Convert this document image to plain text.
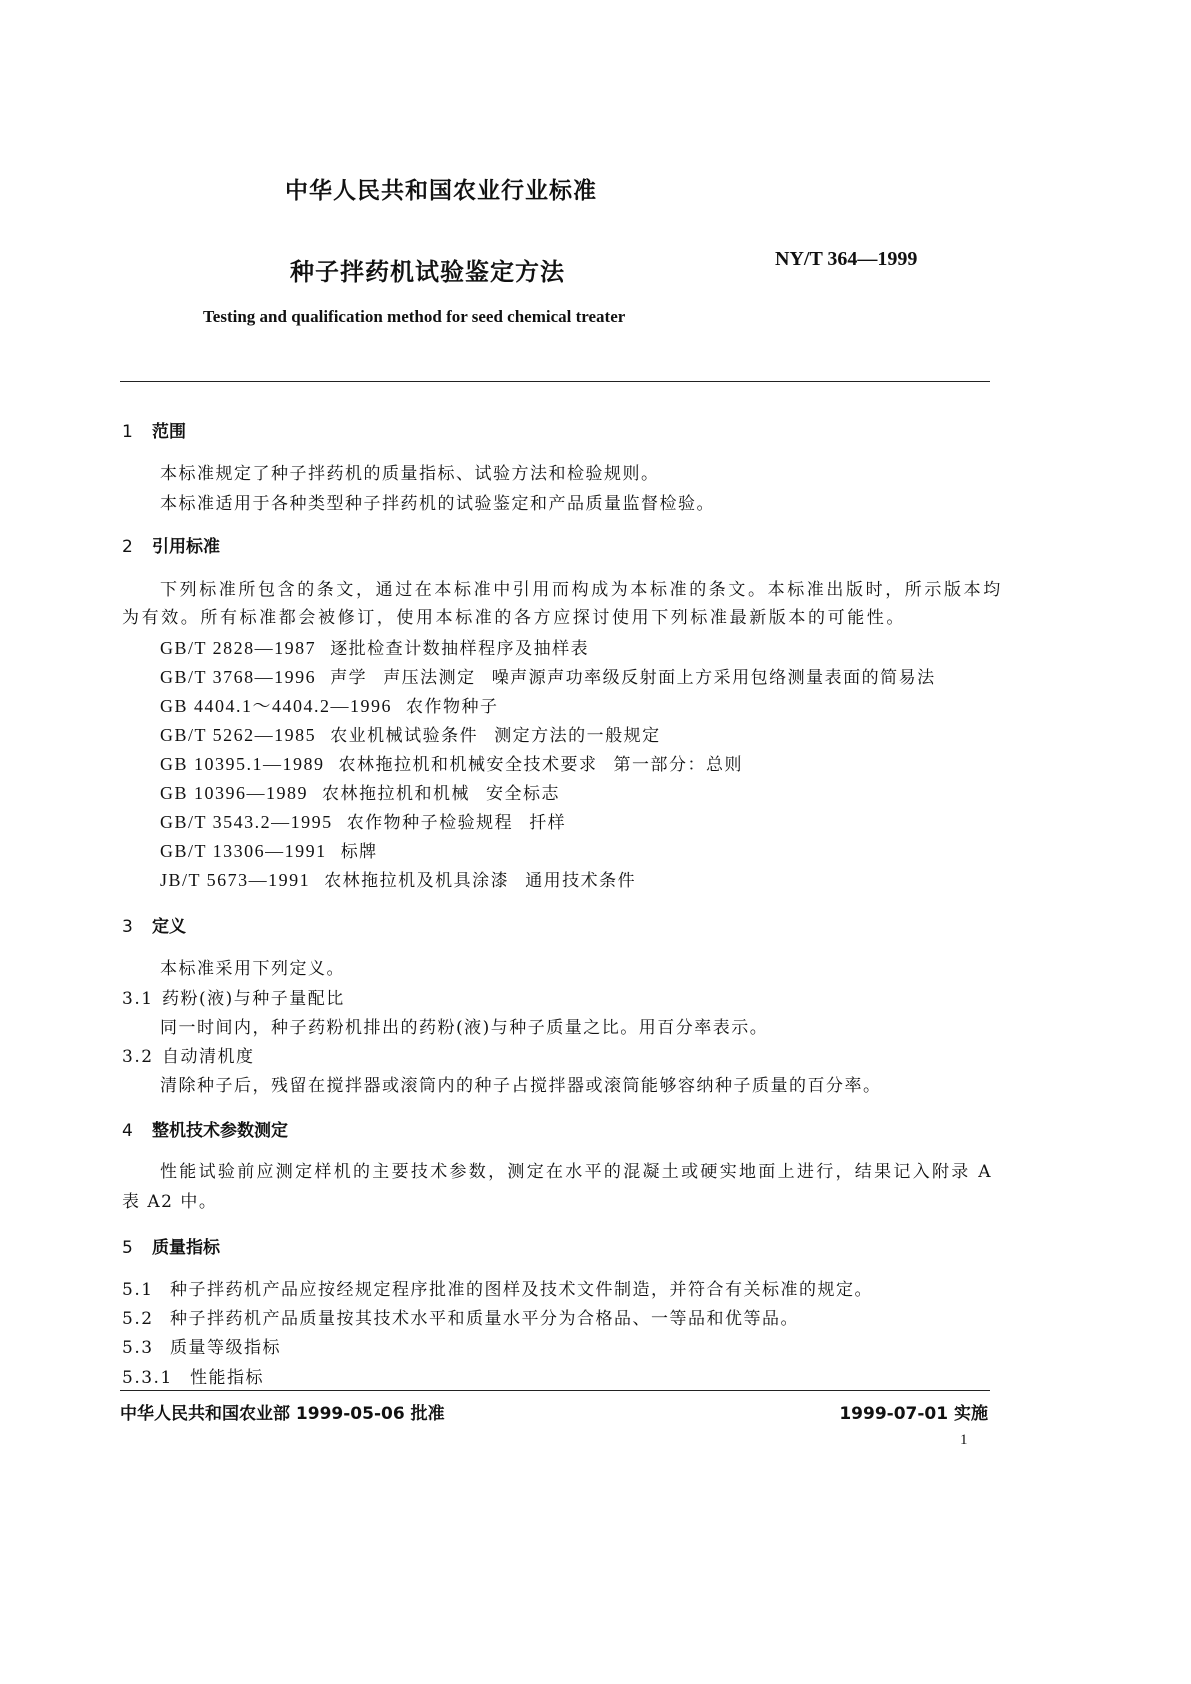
中华人民共和国农业行业标准
种子拌药机试验鉴定方法	NY/T 364—1999
Testing and qualification method for seed chemical treater
1 范围
本标准规定了种子拌药机的质量指标、试验方法和检验规则。
本标准适用于各种类型种子拌药机的试验鉴定和产品质量监督检验。
2 引用标准
下列标准所包含的条文，通过在本标准中引用而构成为本标准的条文。本标准出版时，所示版本均
为有效。所有标准都会被修订，使用本标准的各方应探讨使用下列标准最新版本的可能性。
GB/T 2828—1987 逐批检查计数抽样程序及抽样表
GB/T 3768—1996 声学 声压法测定 噪声源声功率级反射面上方采用包络测量表面的简易法
GB 4404.1～4404.2—1996 农作物种子
GB/T 5262—1985 农业机械试验条件 测定方法的一般规定
GB 10395.1—1989 农林拖拉机和机械安全技术要求 第一部分：总则
GB 10396—1989 农林拖拉机和机械 安全标志
GB/T 3543.2—1995 农作物种子检验规程 扦样
GB/T 13306—1991 标牌
JB/T 5673—1991 农林拖拉机及机具涂漆 通用技术条件
3 定义
本标准采用下列定义。
3.1 药粉(液)与种子量配比
同一时间内，种子药粉机排出的药粉(液)与种子质量之比。用百分率表示。
3.2 自动清机度
清除种子后，残留在搅拌器或滚筒内的种子占搅拌器或滚筒能够容纳种子质量的百分率。
4 整机技术参数测定
性能试验前应测定样机的主要技术参数，测定在水平的混凝土或硬实地面上进行，结果记入附录 A
表 A2 中。
5 质量指标
5.1 种子拌药机产品应按经规定程序批准的图样及技术文件制造，并符合有关标准的规定。
5.2 种子拌药机产品质量按其技术水平和质量水平分为合格品、一等品和优等品。
5.3 质量等级指标
5.3.1 性能指标
中华人民共和国农业部 1999-05-06 批准	1999-07-01 实施
1
